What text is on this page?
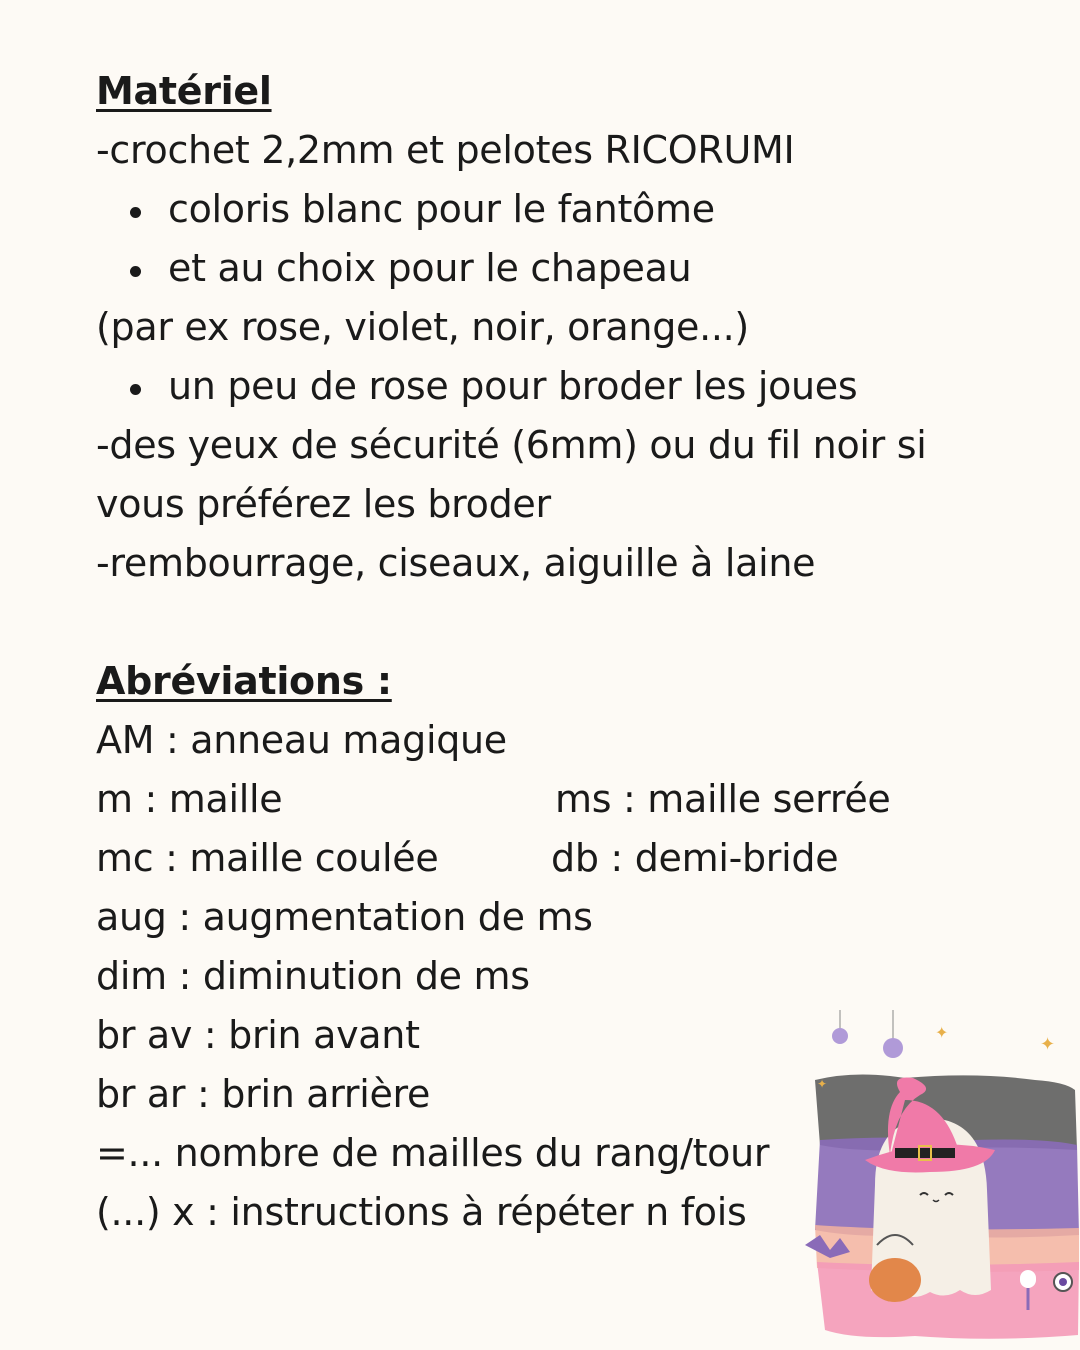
Matériel
-crochet 2,2mm et pelotes RICORUMI
coloris blanc pour le fantôme
et au choix pour le chapeau
(par ex rose, violet, noir, orange...)
un peu de rose pour broder les joues
-des yeux de sécurité (6mm) ou du fil noir si
vous préférez les broder
-rembourrage, ciseaux, aiguille à laine
Abréviations :
AM : anneau magique
m : maille	ms : maille serrée
mc : maille coulée	db : demi-bride
aug : augmentation de ms
dim : diminution de ms
br av : brin avant
br ar : brin arrière
=... nombre de mailles du rang/tour
(...) x : instructions à répéter n fois
✦
✦
✦
